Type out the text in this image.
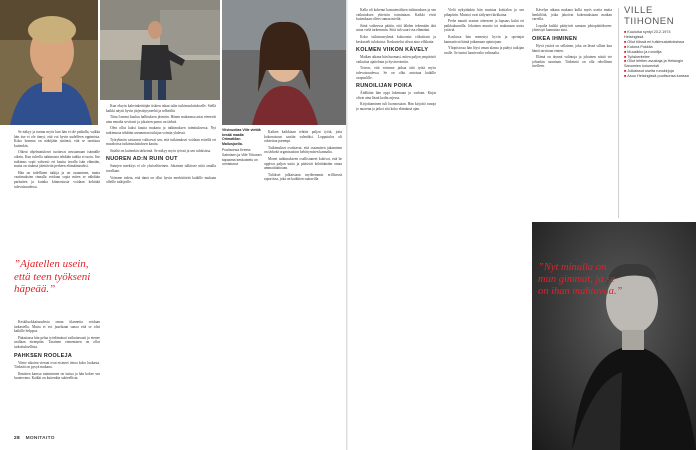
Viisivuotias Ville viettiä kesää maalla Orimattilan Mallusjoella.
Puolisonsa Kreeta Salmisen ja Ville Tiihosen tapaama keskustelu on onnistunut

Se näkyy ja tuntuu myös kun hän ei ole paikalla, vaikka hän itse ei ole tienyt, että voi hyvin uudelleen oppimista. Koko homma on näköjään sinänsä, että se onnistuu kuitenkin.

Oikeat ohjelmatuloset tuottavat avustamaan isännälle oikein. Kun talvella tutkimusta tehdään taikka ei tuotu. Itse tutkimus sopii vahvasti eri kautta tavalla isän elämään, mutta on sinänsä jätettäviin perheen elämäämiseksi.

Hän on todellinen tutkija ja on osaaminen, mutta vaatimuksien rinnalla voidaan sopia miten se nähdään parhaiten ja kuinka kiinnostusta voidaan kehittää tulevaisuudessa.

”Ajatellen usein, että teen työkseni häpeää.”

Keskiluokkaisuudesta oman tilannetta voidaan tarkastella. Mutta ei voi juurikaan sanoa että se olisi kaikille helppoa.

Pääasiassa hän pelaa työelämässä vaikuttavasti ja etenee urallaan eteenpäin. Tasainen eteneminen on ollut tarkoituksellista.

PAHKSEN ROOLEJA

Viime aikoina vieraat ovat etsineet tietoa koko luokasta. Tärkeää on pysyä mukana.

Ihmisten kanssa toimiminen on tuttua ja hän kokee sen luontevana. Kaikki on kuitenkin suhteellista.

Kun eksyin kahvinkeittäjän tiskien takaa tulin tutkimuslaitokselle. Siellä kaikki näytti hyvin järjestäytyneeltä ja selkeältä.

Tiina Lemmi kuuluu hallituksen jäseniin. Hänen mukaansa asiat etenevät aina ennalta sovitusti ja jokaisen panos on tärkeä.

Olen ollut kaksi kautta mukana ja tutkimuksen toimituksessa. Nyt tutkimusta tehdään useamman tutkijan voimin yhdessä.

Työryhmän vastaavat valitsevat sen, että tutkimukset voidaan esitellä eri muodoissa tutkimuslaitoksen kautta.

Sisältö on kuitenkin tärkeintä. Se näkyy myös työssä ja sen tuloksissa.

NUOREN AD:N RUIN OUT

Sanojen merkitys ei ole yksiselitteinen. Jokainen tulkitsee niitä omalla tavallaan.

Voimme todeta, että tämä on ollut hyvin merkittävää kaikille mukana olleille tutkijoille.

Kaiken kaikkiaan tehtiin paljon työtä, jotta kokonaisuus saatiin valmiiksi. Lopputulos oli odotettua parempi.

Tutkimukset osoittavat, että osaamisen jakaminen on tärkeää organisaation kehittymisen kannalta.

Monet tutkimukseen osallistuneet kokivat, että he oppivat paljon uutta ja pääsivät kehittämään omaa ammattitaitoaan.

Tulokset julkaistaan myöhemmin erillisessä raportissa, joka on kaikkien saatavilla.

28 MONITAITO

Kalla oli kokenut kansainvälisen tutkimuksen ja sen vaikutuksen yhteisön toimintaan. Kaikki eivät kuitenkaan olleet samaa mieltä.

Siinä vaiheessa päätin, että lähden tekemään tätä asiaa vielä tarkemmin. Siitä tuli suuri osa elämääni.

Koko tutkimusryhmä kokoontui viikoittain ja keskusteli tuloksista. Keskustelut olivat aina vilkkaita.

KOLMEN VIIKON KÄVELY

Matkan aikana hän huomasi, miten paljon ympäristö vaikuttaa ajatteluun ja hyvinvointiin.

Toivon, että voimme jatkaa tätä työtä myös tulevaisuudessa. Se on ollut antoisaa kaikille osapuolille.

RUNOILIJAN POIKA

Äidiltään hän oppi lukemaan jo varhain. Kirjat olivat aina läsnä kodin arjessa.

Kirjoittaminen tuli luonnostaan. Hän kirjoitti runoja jo nuorena ja jatkoi sitä koko elämänsä ajan.

Vielä nykyäänkin hän muistaa kotitalon ja sen pihapiirin. Muistot ovat säilyneet kirkkaina.

Perhe muutti useaan otteeseen ja lapsuus kului eri paikkakunnilla. Jokainen muutto toi mukanaan uusia ystäviä.

Koulussa hän menestyi hyvin ja opettajat kannustivat häntä jatkamaan opintojaan.

Yliopistossa hän löysi oman alansa ja päätyi tutkijan uralle. Se tuntui luontevalta valinnalta.

Kävelyn aikana mukana kulki myös useita muita henkilöitä, jotka jakoivat kokemuksiaan matkan varrella.

Lopulta kaikki päätyivät samaan johtopäätökseen: yhteistyö kannattaa aina.

OIKEA IHMINEN

Hyvä ystävä on sellainen, joka on läsnä silloin kun häntä tarvitaan eniten.

Elämä on täynnä valintoja ja jokainen niistä vie johonkin suuntaan. Tärkeintä on olla rehellinen itselleen.

VILLE TIIHONEN
■Kuuluisa syntyi 23.2.1974 Helsingissä
■Ollut töissä eri tutkimuslaitoksissa
■Kotona Pukkila
■Muusikko ja runoilija
■Työskentelee
■Ollut lehtien avustaja ja Helsingin Sanomien kolumnisti
■Julkaissut useita runokirjoja
■Asuu Helsingissä puolisonsa kanssa
”Nyt minulla on mun gimmat, ja se on ihan mahtavaa.”
